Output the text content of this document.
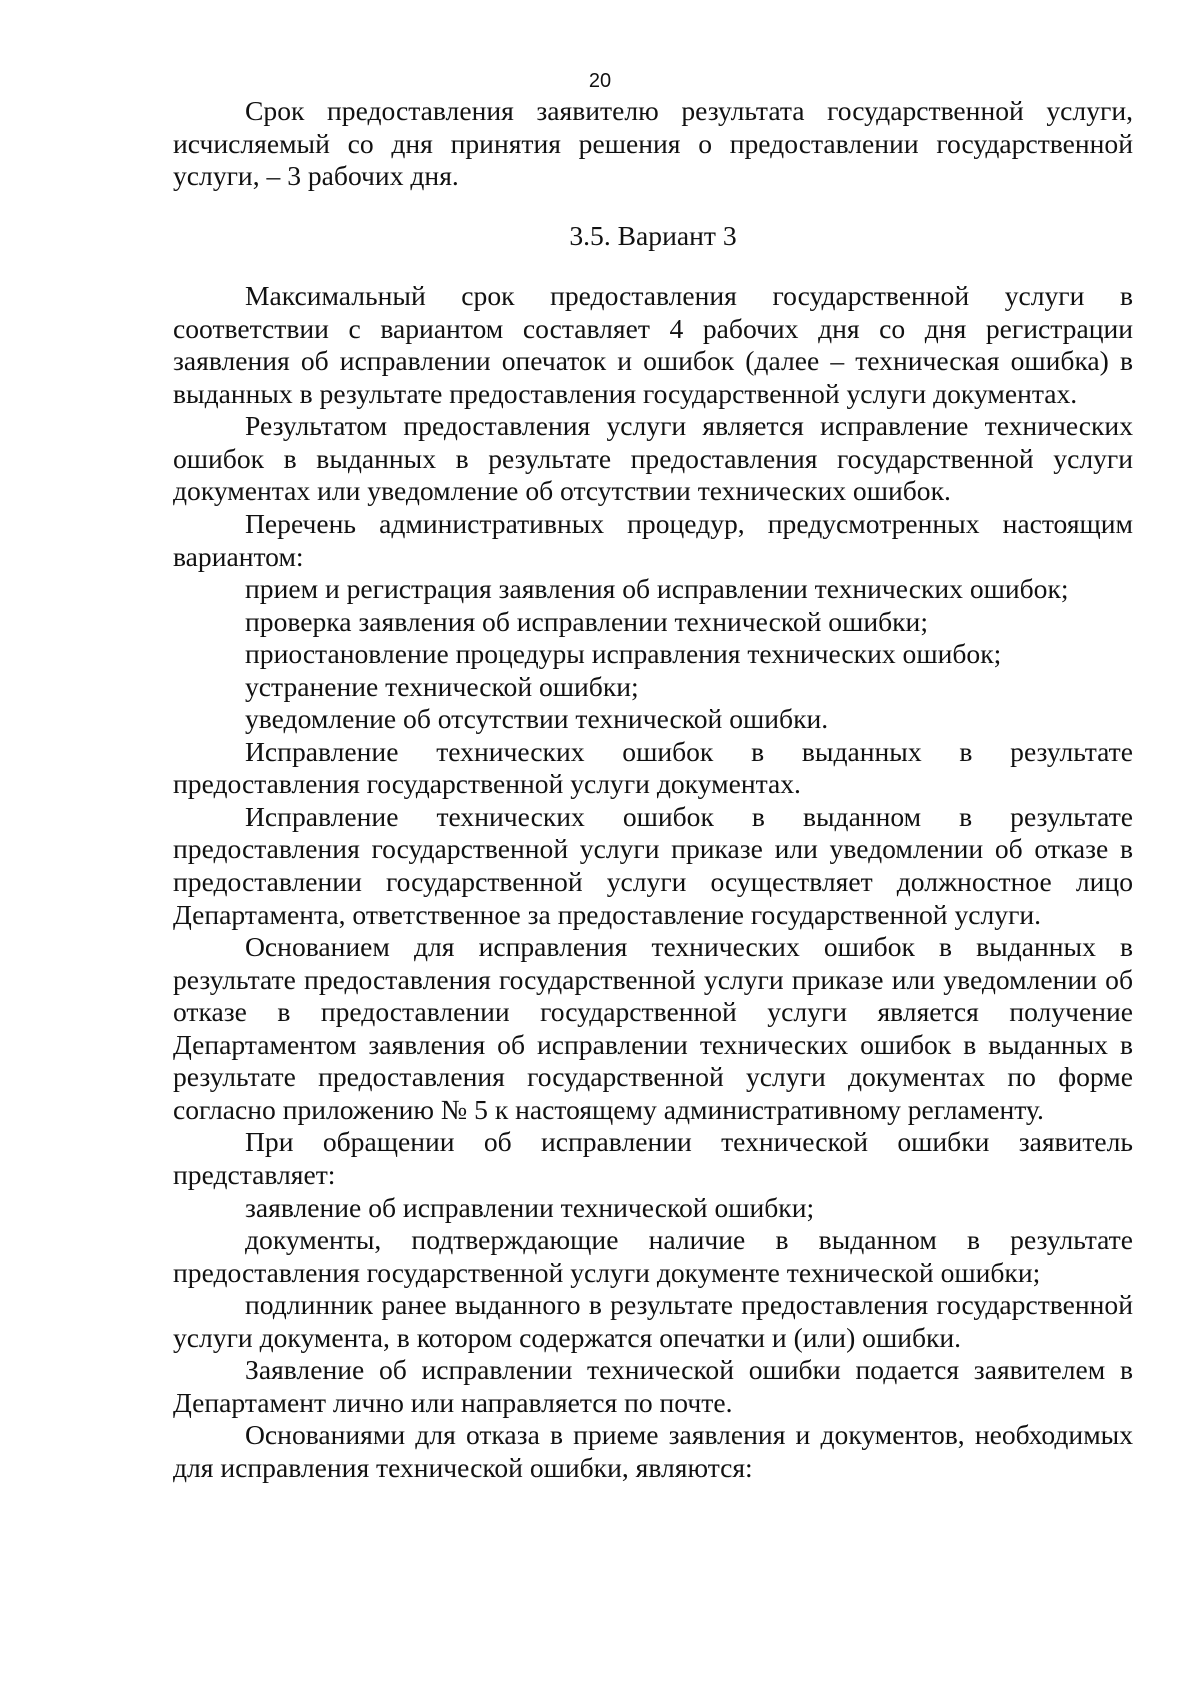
20

Срок предоставления заявителю результата государственной услуги, исчисляемый со дня принятия решения о предоставлении государственной услуги, – 3 рабочих дня.

3.5. Вариант 3

Максимальный срок предоставления государственной услуги в соответствии с вариантом составляет 4 рабочих дня со дня регистрации заявления об исправлении опечаток и ошибок (далее – техническая ошибка) в выданных в результате предоставления государственной услуги документах.

Результатом предоставления услуги является исправление технических ошибок в выданных в результате предоставления государственной услуги документах или уведомление об отсутствии технических ошибок.

Перечень административных процедур, предусмотренных настоящим вариантом:

прием и регистрация заявления об исправлении технических ошибок;

проверка заявления об исправлении технической ошибки;

приостановление процедуры исправления технических ошибок;

устранение технической ошибки;

уведомление об отсутствии технической ошибки.

Исправление технических ошибок в выданных в результате предоставления государственной услуги документах.

Исправление технических ошибок в выданном в результате предоставления государственной услуги приказе или уведомлении об отказе в предоставлении государственной услуги осуществляет должностное лицо Департамента, ответственное за предоставление государственной услуги.

Основанием для исправления технических ошибок в выданных в результате предоставления государственной услуги приказе или уведомлении об отказе в предоставлении государственной услуги является получение Департаментом заявления об исправлении технических ошибок в выданных в результате предоставления государственной услуги документах по форме согласно приложению № 5 к настоящему административному регламенту.

При обращении об исправлении технической ошибки заявитель представляет:

заявление об исправлении технической ошибки;

документы, подтверждающие наличие в выданном в результате предоставления государственной услуги документе технической ошибки;

подлинник ранее выданного в результате предоставления государственной услуги документа, в котором содержатся опечатки и (или) ошибки.

Заявление об исправлении технической ошибки подается заявителем в Департамент лично или направляется по почте.

Основаниями для отказа в приеме заявления и документов, необходимых для исправления технической ошибки, являются:
